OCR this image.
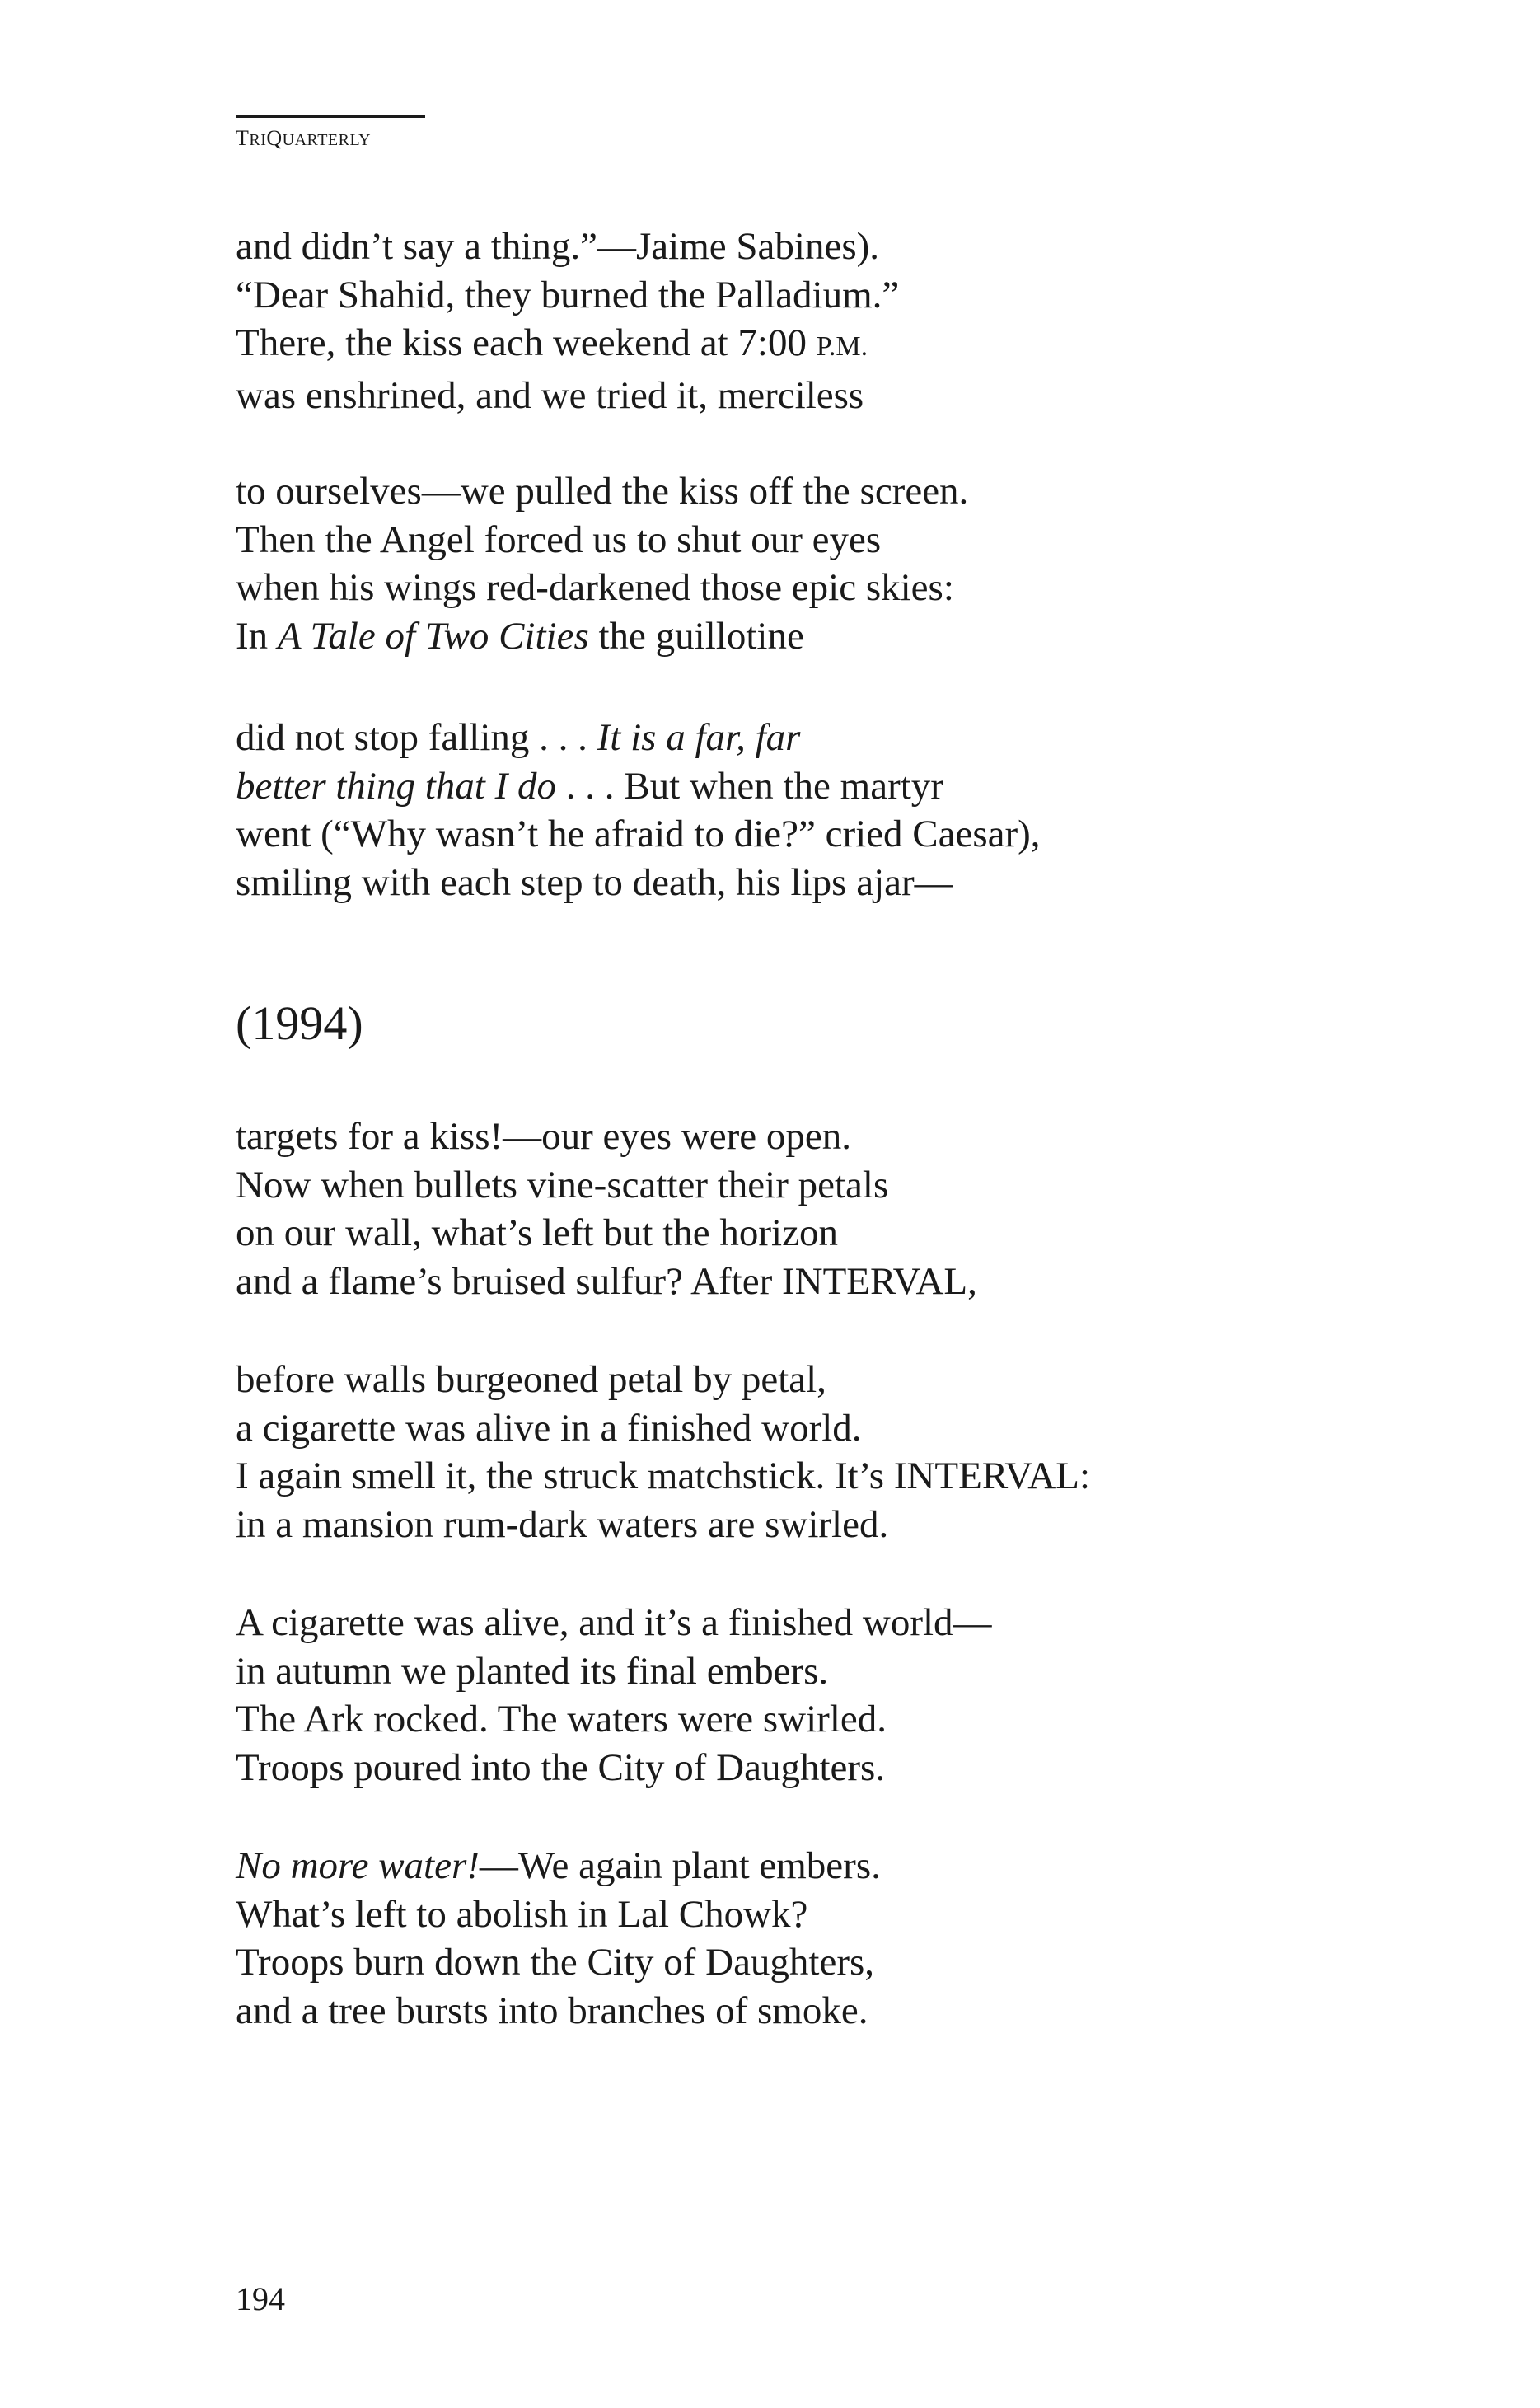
TRIQUARTERLY
and didn’t say a thing.”—Jaime Sabines).
“Dear Shahid, they burned the Palladium.”
There, the kiss each weekend at 7:00 P.M.
was enshrined, and we tried it, merciless
to ourselves—we pulled the kiss off the screen.
Then the Angel forced us to shut our eyes
when his wings red-darkened those epic skies:
In A Tale of Two Cities the guillotine
did not stop falling . . . It is a far, far
better thing that I do . . . But when the martyr
went (“Why wasn’t he afraid to die?” cried Caesar),
smiling with each step to death, his lips ajar—
(1994)
targets for a kiss!—our eyes were open.
Now when bullets vine-scatter their petals
on our wall, what’s left but the horizon
and a flame’s bruised sulfur? After INTERVAL,
before walls burgeoned petal by petal,
a cigarette was alive in a finished world.
I again smell it, the struck matchstick. It’s INTERVAL:
in a mansion rum-dark waters are swirled.
A cigarette was alive, and it’s a finished world—
in autumn we planted its final embers.
The Ark rocked. The waters were swirled.
Troops poured into the City of Daughters.
No more water!—We again plant embers.
What’s left to abolish in Lal Chowk?
Troops burn down the City of Daughters,
and a tree bursts into branches of smoke.
194
